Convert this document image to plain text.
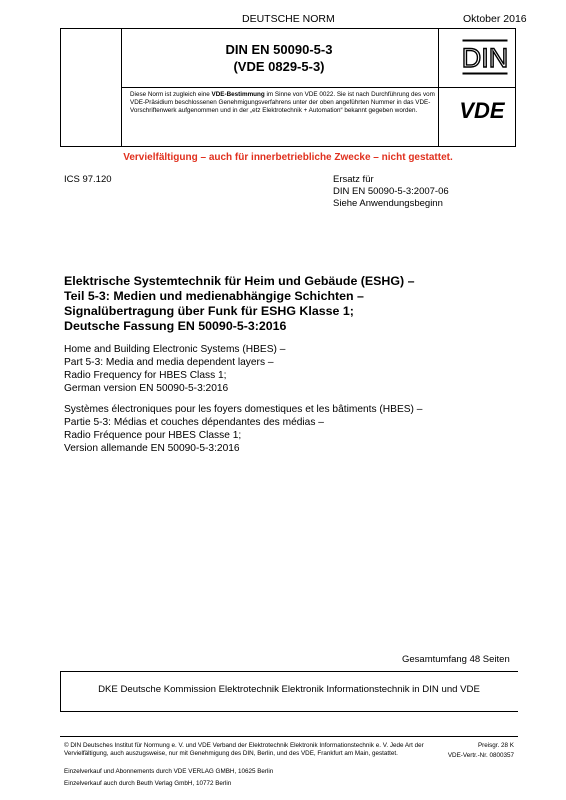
DEUTSCHE NORM	Oktober 2016
DIN EN 50090-5-3
(VDE 0829-5-3)	DIN
VDE
Diese Norm ist zugleich eine VDE-Bestimmung im Sinne von VDE 0022. Sie ist nach Durchführung des vom VDE-Präsidium beschlossenen Genehmigungsverfahrens unter der oben angeführten Nummer in das VDE-Vorschriftenwerk aufgenommen und in der „etz Elektrotechnik + Automation“ bekannt gegeben worden.
Vervielfältigung – auch für innerbetriebliche Zwecke – nicht gestattet.
ICS 97.120	Ersatz für
DIN EN 50090-5-3:2007-06
Siehe Anwendungsbeginn
Elektrische Systemtechnik für Heim und Gebäude (ESHG) –
Teil 5-3: Medien und medienabhängige Schichten –
Signalübertragung über Funk für ESHG Klasse 1;
Deutsche Fassung EN 50090-5-3:2016
Home and Building Electronic Systems (HBES) –
Part 5-3: Media and media dependent layers –
Radio Frequency for HBES Class 1;
German version EN 50090-5-3:2016
Systèmes électroniques pour les foyers domestiques et les bâtiments (HBES) –
Partie 5-3: Médias et couches dépendantes des médias –
Radio Fréquence pour HBES Classe 1;
Version allemande EN 50090-5-3:2016
Gesamtumfang 48 Seiten
DKE Deutsche Kommission Elektrotechnik Elektronik Informationstechnik in DIN und VDE
© DIN Deutsches Institut für Normung e. V. und VDE Verband der Elektrotechnik Elektronik Informationstechnik e. V. Jede Art der Vervielfältigung, auch auszugsweise, nur mit Genehmigung des DIN, Berlin, und des VDE, Frankfurt am Main, gestattet.
Preisgr. 28 K
VDE-Vertr.-Nr. 0800357
Einzelverkauf und Abonnements durch VDE VERLAG GMBH, 10625 Berlin
Einzelverkauf auch durch Beuth Verlag GmbH, 10772 Berlin
